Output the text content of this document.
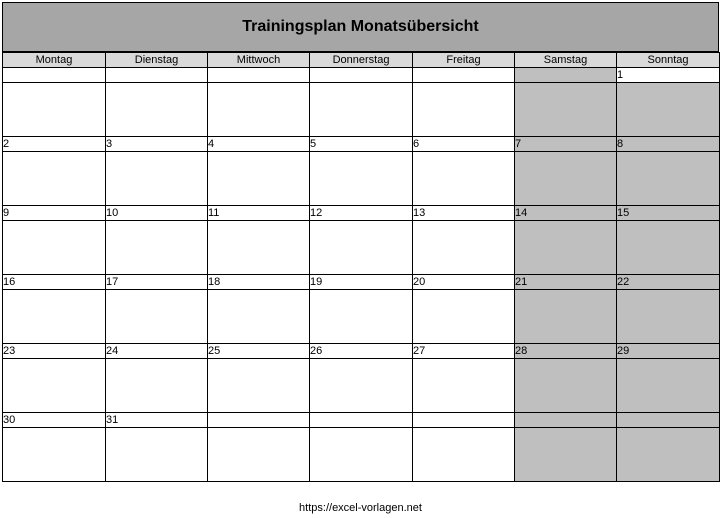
Trainingsplan Monatsübersicht
Montag	Dienstag	Mittwoch	Donnerstag	Freitag	Samstag	Sonntag
						1

2	3	4	5	6	7	8

9	10	11	12	13	14	15

16	17	18	19	20	21	22

23	24	25	26	27	28	29

30	31					

https://excel-vorlagen.net
